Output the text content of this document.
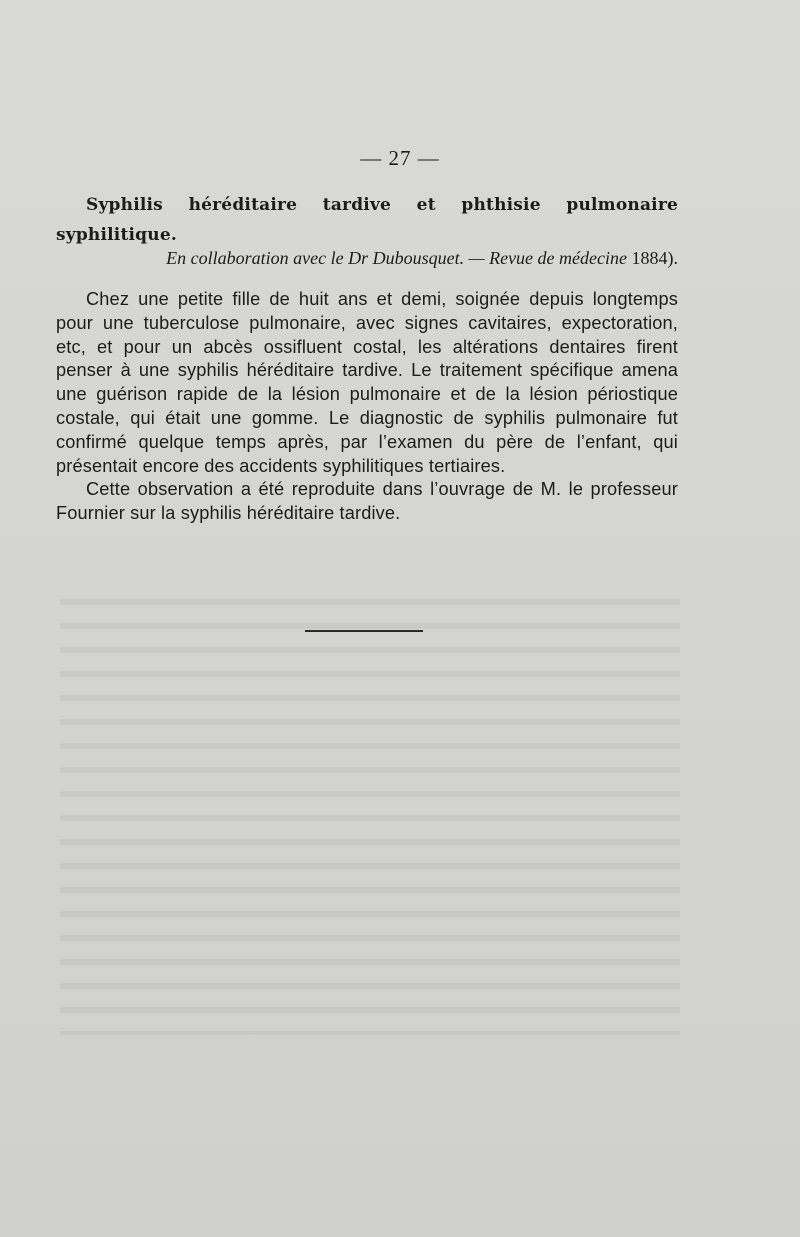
— 27 —
Syphilis héréditaire tardive et phthisie pulmonaire syphilitique.
En collaboration avec le Dr Dubousquet. — Revue de médecine 1884).

Chez une petite fille de huit ans et demi, soignée depuis longtemps pour une tuberculose pulmonaire, avec signes cavitaires, expectoration, etc, et pour un abcès ossifluent costal, les altérations dentaires firent penser à une syphilis héréditaire tardive. Le traitement spécifique amena une guérison rapide de la lésion pulmonaire et de la lésion périostique costale, qui était une gomme. Le diagnostic de syphilis pulmonaire fut confirmé quelque temps après, par l’examen du père de l’enfant, qui présentait encore des accidents syphilitiques tertiaires.

Cette observation a été reproduite dans l’ouvrage de M. le professeur Fournier sur la syphilis héréditaire tardive.
